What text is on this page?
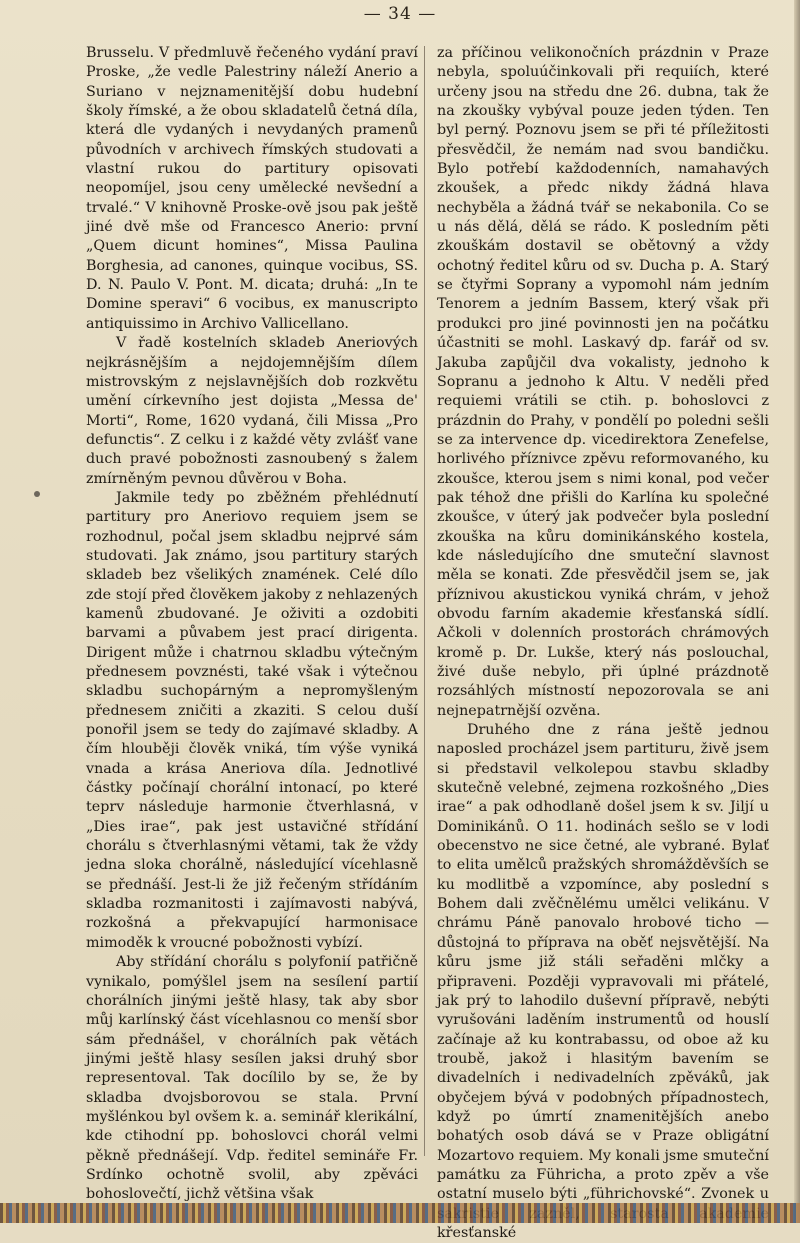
— 34 —

Brusselu. V předmluvě řečeného vydání praví Proske, „že vedle Palestriny náleží Anerio a Suriano v nejznamenitější dobu hudební školy římské, a že obou skladatelů četná díla, která dle vydaných i nevydaných pramenů původních v archivech římských studovati a vlastní rukou do partitury opisovati neopomíjel, jsou ceny umělecké nevšední a trvalé.“ V knihovně Proske-ově jsou pak ještě jiné dvě mše od Francesco Anerio: první „Quem dicunt homines“, Missa Paulina Borghesia, ad canones, quinque vocibus, SS. D. N. Paulo V. Pont. M. dicata; druhá: „In te Domine speravi“ 6 vocibus, ex manuscripto antiquissimo in Archivo Vallicellano.

V řadě kostelních skladeb Aneriových nejkrásnějším a nejdojemnějším dílem mistrovským z nejslavnějších dob rozkvětu umění církevního jest dojista „Messa de' Morti“, Rome, 1620 vydaná, čili Missa „Pro defunctis“. Z celku i z každé věty zvlášť vane duch pravé pobožnosti zasnoubený s žalem zmírněným pevnou důvěrou v Boha.

Jakmile tedy po zběžném přehlédnutí partitury pro Aneriovo requiem jsem se rozhodnul, počal jsem skladbu nejprvé sám studovati. Jak známo, jsou partitury starých skladeb bez všelikých znamének. Celé dílo zde stojí před člověkem jakoby z nehlazených kamenů zbudované. Je oživiti a ozdobiti barvami a půvabem jest prací dirigenta. Dirigent může i chatrnou skladbu výtečným přednesem povznésti, také však i výtečnou skladbu suchopárným a nepromyšleným přednesem zničiti a zkaziti. S celou duší ponořil jsem se tedy do zajímavé skladby. A čím hlouběji člověk vniká, tím výše vyniká vnada a krása Aneriova díla. Jednotlivé částky počínají chorální intonací, po které teprv následuje harmonie čtverhlasná, v „Dies irae“, pak jest ustavičné střídání chorálu s čtverhlasnými větami, tak že vždy jedna sloka chorálně, následující vícehlasně se přednáší. Jest-li že již řečeným střídáním skladba rozmanitosti i zajímavosti nabývá, rozkošná a překvapující harmonisace mimoděk k vroucné pobožnosti vybízí.

Aby střídání chorálu s polyfonií patřičně vynikalo, pomýšlel jsem na sesílení partií chorálních jinými ještě hlasy, tak aby sbor můj karlínský část vícehlasnou co menší sbor sám přednášel, v chorálních pak větách jinými ještě hlasy sesílen jaksi druhý sbor representoval. Tak docílilo by se, že by skladba dvojsborovou se stala. První myšlénkou byl ovšem k. a. seminář klerikální, kde ctihodní pp. bohoslovci chorál velmi pěkně přednášejí. Vdp. ředitel semináře Fr. Srdínko ochotně svolil, aby zpěváci bohoslovečtí, jichž většina však

za příčinou velikonočních prázdnin v Praze nebyla, spoluúčinkovali při requiích, které určeny jsou na středu dne 26. dubna, tak že na zkoušky vybýval pouze jeden týden. Ten byl perný. Poznovu jsem se při té příležitosti přesvědčil, že nemám nad svou bandičku. Bylo potřebí každodenních, namahavých zkoušek, a předc nikdy žádná hlava nechyběla a žádná tvář se nekabonila. Co se u nás dělá, dělá se rádo. K posledním pěti zkouškám dostavil se obětovný a vždy ochotný ředitel kůru od sv. Ducha p. A. Starý se čtyřmi Soprany a vypomohl nám jedním Tenorem a jedním Bassem, který však při produkci pro jiné povinnosti jen na počátku účastniti se mohl. Laskavý dp. farář od sv. Jakuba zapůjčil dva vokalisty, jednoho k Sopranu a jednoho k Altu. V neděli před requiemi vrátili se ctih. p. bohoslovci z prázdnin do Prahy, v pondělí po poledni sešli se za intervence dp. vicedirektora Zenefelse, horlivého příznivce zpěvu reformovaného, ku zkoušce, kterou jsem s nimi konal, pod večer pak téhož dne přišli do Karlína ku společné zkoušce, v úterý jak podvečer byla poslední zkouška na kůru dominikánského kostela, kde následujícího dne smuteční slavnost měla se konati. Zde přesvědčil jsem se, jak příznivou akustickou vyniká chrám, v jehož obvodu farním akademie křesťanská sídlí. Ačkoli v dolenních prostorách chrámových kromě p. Dr. Lukše, který nás poslouchal, živé duše nebylo, při úplné prázdnotě rozsáhlých místností nepozorovala se ani nejnepatrnější ozvěna.

Druhého dne z rána ještě jednou naposled procházel jsem partituru, živě jsem si představil velkolepou stavbu skladby skutečně velebné, zejmena rozkošného „Dies irae“ a pak odhodlaně došel jsem k sv. Jiljí u Dominikánů. O 11. hodinách sešlo se v lodi obecenstvo ne sice četné, ale vybrané. Bylať to elita umělců pražských shromážděvších se ku modlitbě a vzpomínce, aby poslední s Bohem dali zvěčnělému umělci velikánu. V chrámu Páně panovalo hrobové ticho — důstojná to příprava na oběť nejsvětější. Na kůru jsme již stáli seřaděni mlčky a připraveni. Později vypravovali mi přátelé, jak prý to lahodilo duševní přípravě, nebýti vyrušováni laděním instrumentů od houslí začínaje až ku kontrabassu, od oboe až ku troubě, jakož i hlasitým bavením se divadelních i nedivadelních zpěváků, jak obyčejem bývá v podobných případnostech, když po úmrtí znamenitějších anebo bohatých osob dává se v Praze obligátní Mozartovo requiem. My konali jsme smuteční památku za Führicha, a proto zpěv a vše ostatní muselo býti „führichovské“. Zvonek u křesťanské
